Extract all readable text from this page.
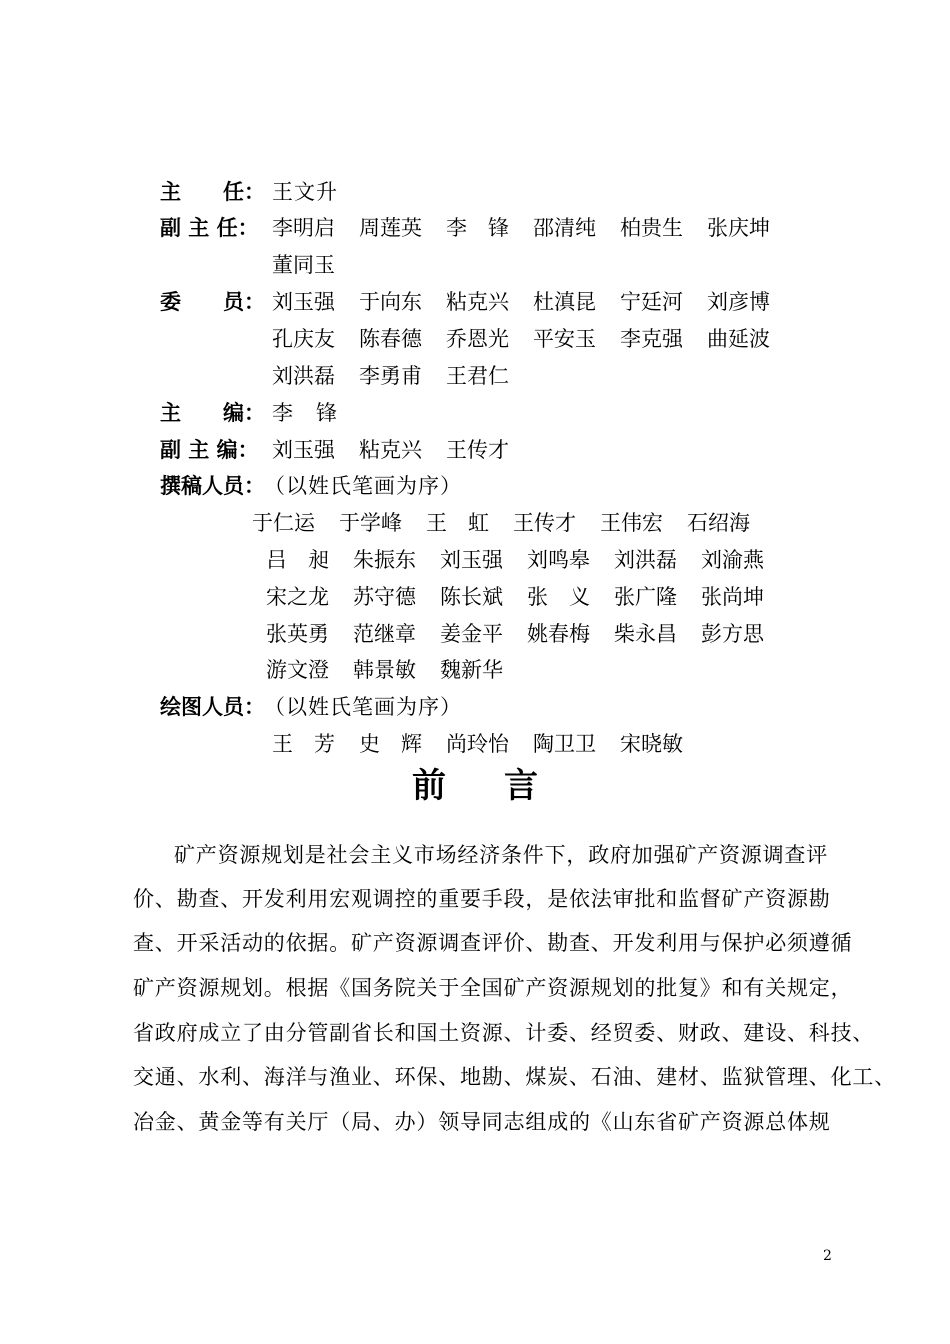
主　　任： 王文升
副 主 任： 李明启 周莲英 李　锋 邵清纯 柏贵生 张庆坤
董同玉
委　　员： 刘玉强 于向东 粘克兴 杜滇昆 宁廷河 刘彦博
孔庆友 陈春德 乔恩光 平安玉 李克强 曲延波
刘洪磊 李勇甫 王君仁
主　　编： 李　锋
副 主 编： 刘玉强 粘克兴 王传才
撰稿人员： （以姓氏笔画为序）
于仁运 于学峰 王　虹 王传才 王伟宏 石绍海
吕　昶 朱振东 刘玉强 刘鸣皋 刘洪磊 刘渝燕
宋之龙 苏守德 陈长斌 张　义 张广隆 张尚坤
张英勇 范继章 姜金平 姚春梅 柴永昌 彭方思
游文澄 韩景敏 魏新华
绘图人员： （以姓氏笔画为序）
王　芳 史　辉 尚玲怡 陶卫卫 宋晓敏
前言
矿产资源规划是社会主义市场经济条件下，政府加强矿产资源调查评
价、勘查、开发利用宏观调控的重要手段，是依法审批和监督矿产资源勘
查、开采活动的依据。矿产资源调查评价、勘查、开发利用与保护必须遵循
矿产资源规划。根据《国务院关于全国矿产资源规划的批复》和有关规定，
省政府成立了由分管副省长和国土资源、计委、经贸委、财政、建设、科技、
交通、水利、海洋与渔业、环保、地勘、煤炭、石油、建材、监狱管理、化工、
冶金、黄金等有关厅（局、办）领导同志组成的《山东省矿产资源总体规
2
